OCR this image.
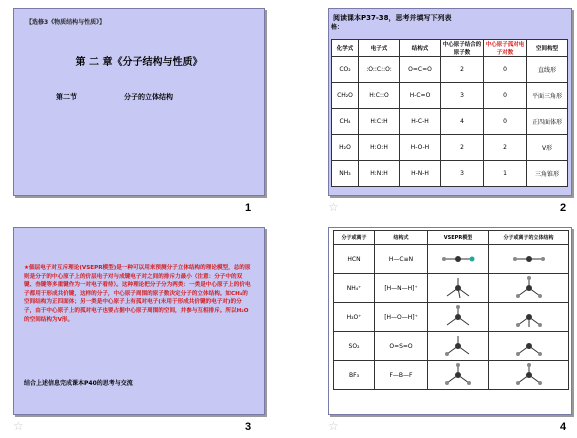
【选修3《物质结构与性质》】
第 二 章《分子结构与性质》
第二节	分子的立体结构
1
阅读课本P37-38，思考并填写下列表
格：
化学式	电子式	结构式	中心原子结合的原子数	中心原子孤对电子对数	空间构型
CO₂	:O::C::O:	O=C=O	2	0	直线形
CH₂O	H:C::O	H-C=O	3	0	平面三角形
CH₄	H:C:H	H-C-H	4	0	正四面体形
H₂O	H:O:H	H-O-H	2	2	V形
NH₃	H:N:H	H-N-H	3	1	三角锥形
☆	2
★価层电子对互斥理论(VSEPR模型)是一种可以用来预测分子立体结构的理论模型，总的原则是分子的中心原子上的价层电子对与成键电子对之间的排斥力最小（注意：分子中的双键、叁键等多重键作为一对电子看待）。这种理论把分子分为两类：一类是中心原子上的价电子都用于形成共价键，这样的分子，中心原子周围的原子数决定分子的立体结构。如CH₄的空间结构为正四面体；另一类是中心原子上有孤对电子(未用于形成共价键的电子对)的分子，由于中心原子上的孤对电子也要占据中心原子周围的空间，并参与互相排斥。所以H₂O的空间结构为V形。
结合上述信息完成课本P40的思考与交流
☆	3
分子或离子	结构式	VSEPR模型	分子或离子的立体结构
HCN	H—C≡N	

NH₄⁺	[H—N—H]⁺	

H₃O⁺	[H—O—H]⁺	

SO₂	O=S=O	

BF₃	F—B—F	

☆	4
